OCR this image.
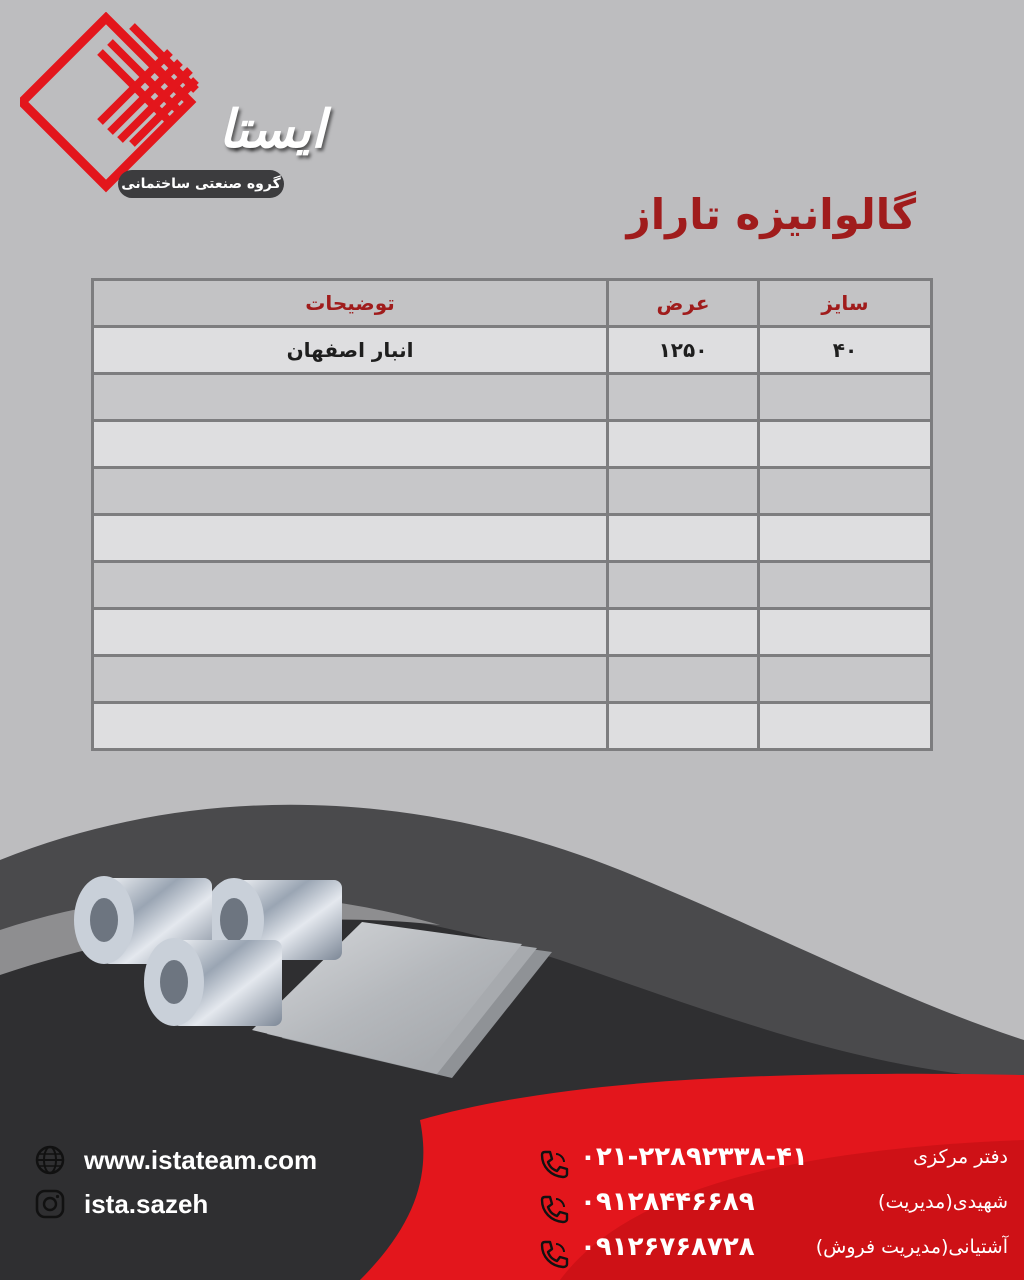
ایستا
گروه صنعتی ساختمانی
گالوانیزه تاراز
سایز	عرض	توضیحات
۴۰	۱۲۵۰	انبار اصفهان

www.istateam.com
ista.sazeh
۰۲۱-۲۲۸۹۲۳۳۸-۴۱	دفتر مرکزی
۰۹۱۲۸۴۴۶۶۸۹	شهیدی(مدیریت)
۰۹۱۲۶۷۶۸۷۲۸	آشتیانی(مدیریت فروش)
